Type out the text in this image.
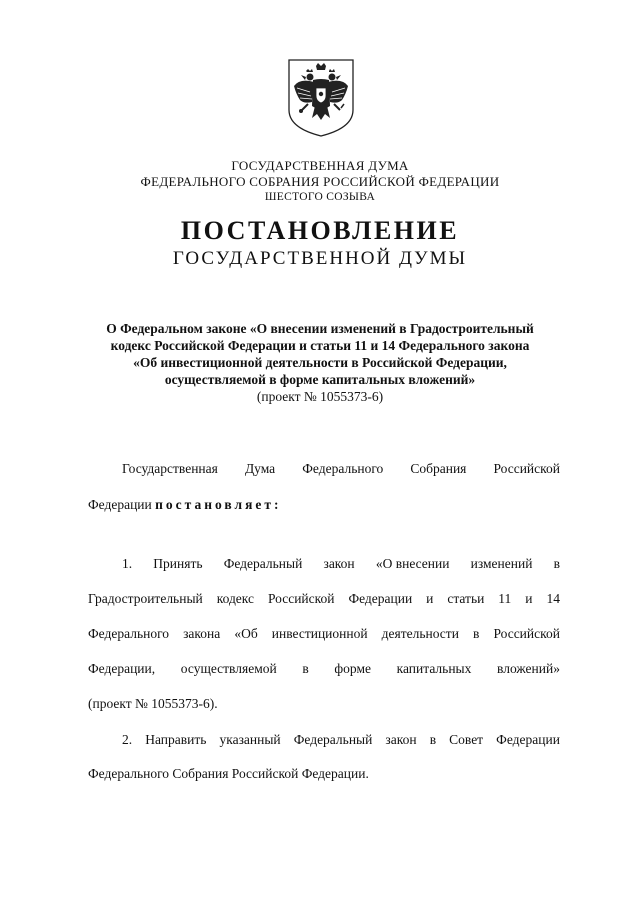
ГОСУДАРСТВЕННАЯ ДУМА
ФЕДЕРАЛЬНОГО СОБРАНИЯ РОССИЙСКОЙ ФЕДЕРАЦИИ
ШЕСТОГО СОЗЫВА
ПОСТАНОВЛЕНИЕ
ГОСУДАРСТВЕННОЙ ДУМЫ
О Федеральном законе «О внесении изменений в Градостроительный
кодекс Российской Федерации и статьи 11 и 14 Федерального закона
«Об инвестиционной деятельности в Российской Федерации,
осуществляемой в форме капитальных вложений»
(проект № 1055373-6)
Государственная Дума Федерального Собрания Российской
Федерации постановляет:
1. Принять Федеральный закон «О внесении изменений в
Градостроительный кодекс Российской Федерации и статьи 11 и 14
Федерального закона «Об инвестиционной деятельности в Российской
Федерации, осуществляемой в форме капитальных вложений»
(проект № 1055373-6).
2. Направить указанный Федеральный закон в Совет Федерации
Федерального Собрания Российской Федерации.
